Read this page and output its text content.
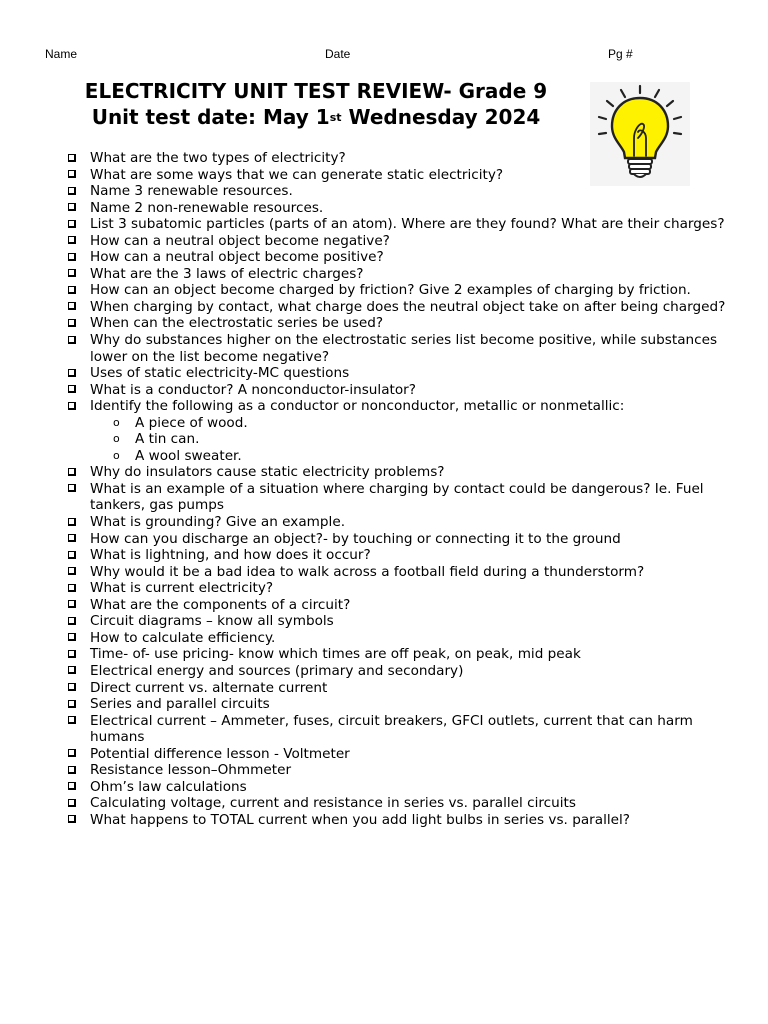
Name	Date	Pg #
ELECTRICITY UNIT TEST REVIEW- Grade 9
Unit test date: May 1st Wednesday 2024
What are the two types of electricity?
What are some ways that we can generate static electricity?
Name 3 renewable resources.
Name 2 non-renewable resources.
List 3 subatomic particles (parts of an atom). Where are they found? What are their charges?
How can a neutral object become negative?
How can a neutral object become positive?
What are the 3 laws of electric charges?
How can an object become charged by friction? Give 2 examples of charging by friction.
When charging by contact, what charge does the neutral object take on after being charged?
When can the electrostatic series be used?
Why do substances higher on the electrostatic series list become positive, while substances lower on the list become negative?
Uses of static electricity-MC questions
What is a conductor? A nonconductor-insulator?
Identify the following as a conductor or nonconductor, metallic or nonmetallic:
o A piece of wood.
o A tin can.
o A wool sweater.
Why do insulators cause static electricity problems?
What is an example of a situation where charging by contact could be dangerous? Ie. Fuel tankers, gas pumps
What is grounding? Give an example.
How can you discharge an object?- by touching or connecting it to the ground
What is lightning, and how does it occur?
Why would it be a bad idea to walk across a football field during a thunderstorm?
What is current electricity?
What are the components of a circuit?
Circuit diagrams – know all symbols
How to calculate efficiency.
Time- of- use pricing- know which times are off peak, on peak, mid peak
Electrical energy and sources (primary and secondary)
Direct current vs. alternate current
Series and parallel circuits
Electrical current – Ammeter, fuses, circuit breakers, GFCI outlets, current that can harm humans
Potential difference lesson - Voltmeter
Resistance lesson–Ohmmeter
Ohm’s law calculations
Calculating voltage, current and resistance in series vs. parallel circuits
What happens to TOTAL current when you add light bulbs in series vs. parallel?
